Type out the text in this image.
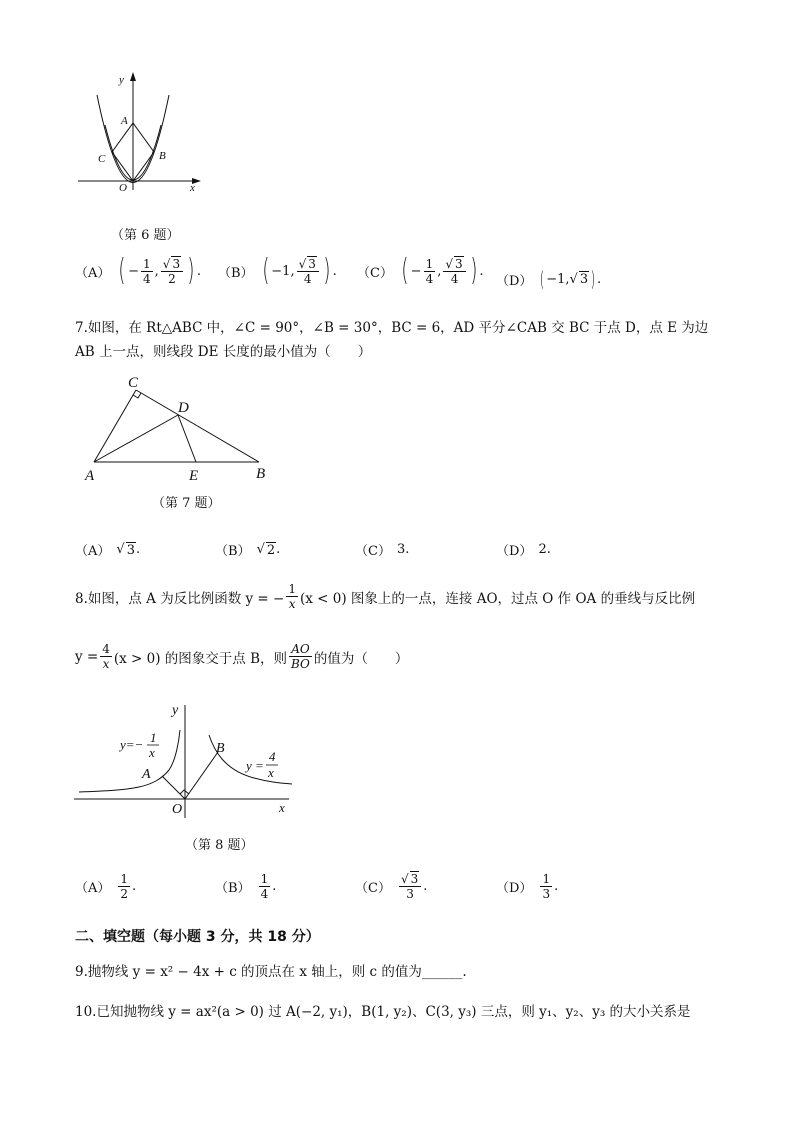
y
x
A
B
C
O
（第 6 题）
（A） ( − $\frac{1}{4}$ , $\frac{√ 3}{2}$ ) . （B） ( −1, $\frac{√ 3}{4}$ ) . （C） ( − $\frac{1}{4}$ , $\frac{√ 3}{4}$ ) .
（D） ( −1, √ 3 ) .
7.如图，在 Rt△ABC 中，∠C = 90°，∠B = 30°，BC = 6，AD 平分∠CAB 交 BC 于点 D，点 E 为边
AB 上一点，则线段 DE 长度的最小值为（　　）
C
D
A	E	B
（第 7 题）
（A） √ 3 .	（B） √ 2 .	（C） 3.	（D） 2.
8.如图，点 A 为反比例函数 y = − $\frac{1}{x} (x < 0)$ 图象上的一点，连接 AO，过点 O 作 OA 的垂线与反比例
$y = \frac{4}{x} (x > 0)$ 的图象交于点 B，则 $\frac{AO}{BO}$ 的值为（　　）
y
x
A
B
O
y=− 1
x
y =
4
x
（第 8 题）
$(A) \frac{1}{2}$ .	$(B) \frac{1}{4}$ .	$(C) \frac{√ 3}{3}$ .	$(D) \frac{1}{3}$ .
二、填空题（每小题 3 分，共 18 分）
9.抛物线 y = x² − 4x + c 的顶点在 x 轴上，则 c 的值为______.
10.已知抛物线 y = ax²(a > 0) 过 A(−2, y₁)，B(1, y₂)、C(3, y₃) 三点，则 y₁、y₂、y₃ 的大小关系是
